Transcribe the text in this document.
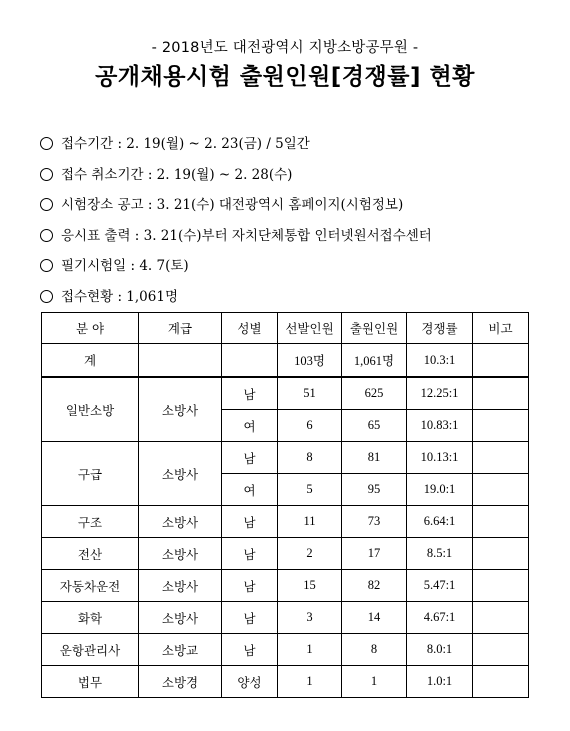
- 2018년도 대전광역시 지방소방공무원 -
공개채용시험 출원인원[경쟁률] 현황
접수기간 : 2. 19(월) ~ 2. 23(금) / 5일간
접수 취소기간 : 2. 19(월) ~ 2. 28(수)
시험장소 공고 : 3. 21(수) 대전광역시 홈페이지(시험정보)
응시표 출력 : 3. 21(수)부터 자치단체통합 인터넷원서접수센터
필기시험일 : 4. 7(토)
접수현황 : 1,061명
분 야	계급	성별	선발인원	출원인원	경쟁률	비고
계			103명	1,061명	10.3:1	
일반소방	소방사	남	51	625	12.25:1	
		여	6	65	10.83:1	
구급	소방사	남	8	81	10.13:1	
		여	5	95	19.0:1	
구조	소방사	남	11	73	6.64:1	
전산	소방사	남	2	17	8.5:1	
자동차운전	소방사	남	15	82	5.47:1	
화학	소방사	남	3	14	4.67:1	
운항관리사	소방교	남	1	8	8.0:1	
법무	소방경	양성	1	1	1.0:1	
